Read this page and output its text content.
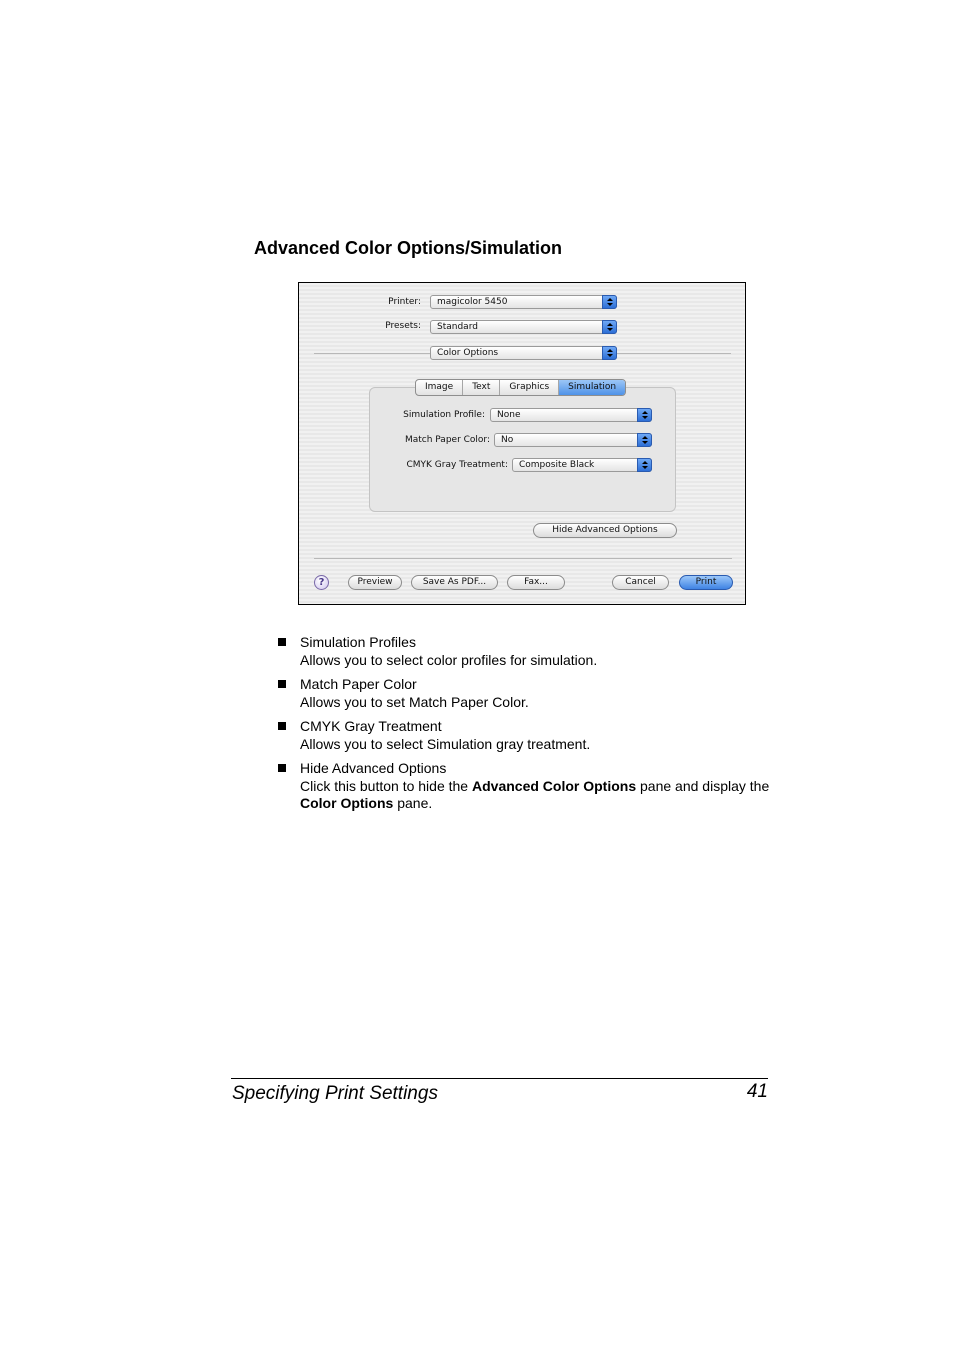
Advanced Color Options/Simulation
Printer: magicolor 5450
Presets: Standard
Color Options
Image	Text	Graphics	Simulation
Simulation Profile: None
Match Paper Color: No
CMYK Gray Treatment: Composite Black
Hide Advanced Options
?	Preview	Save As PDF...	Fax...	Cancel	Print
Simulation Profiles
Allows you to select color profiles for simulation.
Match Paper Color
Allows you to set Match Paper Color.
CMYK Gray Treatment
Allows you to select Simulation gray treatment.
Hide Advanced Options
Click this button to hide the Advanced Color Options pane and display the Color Options pane.
Specifying Print Settings	41
